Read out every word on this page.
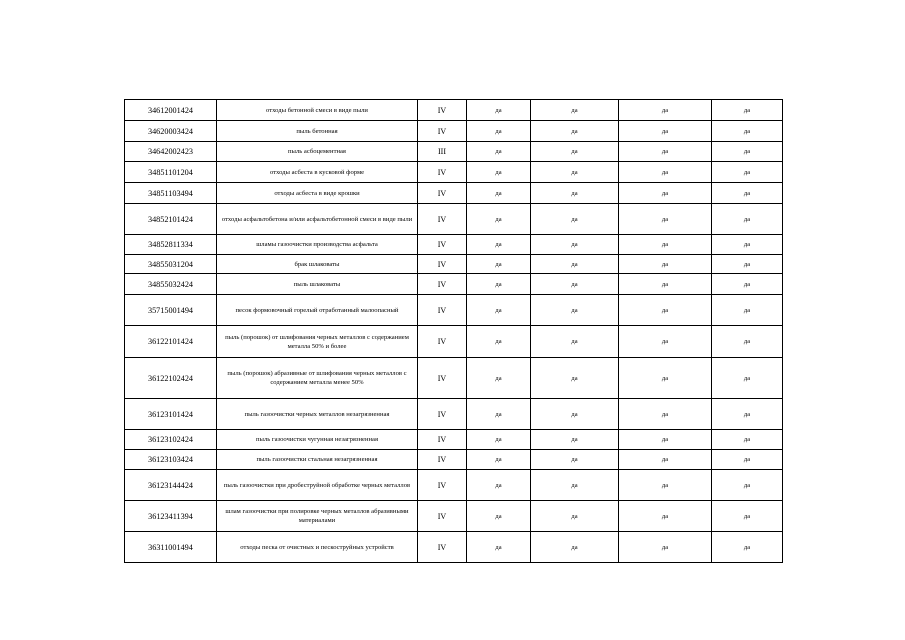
34612001424	отходы бетонной смеси в виде пыли	IV	да	да	да	да
34620003424	пыль бетонная	IV	да	да	да	да
34642002423	пыль асбоцементная	III	да	да	да	да
34851101204	отходы асбеста в кусковой форме	IV	да	да	да	да
34851103494	отходы асбеста в виде крошки	IV	да	да	да	да
34852101424	отходы асфальтобетона и/или асфальтобетонной смеси в виде пыли	IV	да	да	да	да
34852811334	шламы газоочистки производства асфальта	IV	да	да	да	да
34855031204	брак шлаковаты	IV	да	да	да	да
34855032424	пыль шлаковаты	IV	да	да	да	да
35715001494	песок формовочный горелый отработанный малоопасный	IV	да	да	да	да
36122101424	пыль (порошок) от шлифования черных металлов с содержанием металла 50% и более	IV	да	да	да	да
36122102424	пыль (порошок) абразивные от шлифования черных металлов с содержанием металла менее 50%	IV	да	да	да	да
36123101424	пыль газоочистки черных металлов незагрязненная	IV	да	да	да	да
36123102424	пыль газоочистки чугунная незагрязненная	IV	да	да	да	да
36123103424	пыль газоочистки стальная незагрязненная	IV	да	да	да	да
36123144424	пыль газоочистки при дробеструйной обработке черных металлов	IV	да	да	да	да
36123411394	шлам газоочистки при полировке черных металлов абразивными материалами	IV	да	да	да	да
36311001494	отходы песка от очистных и пескоструйных устройств	IV	да	да	да	да
